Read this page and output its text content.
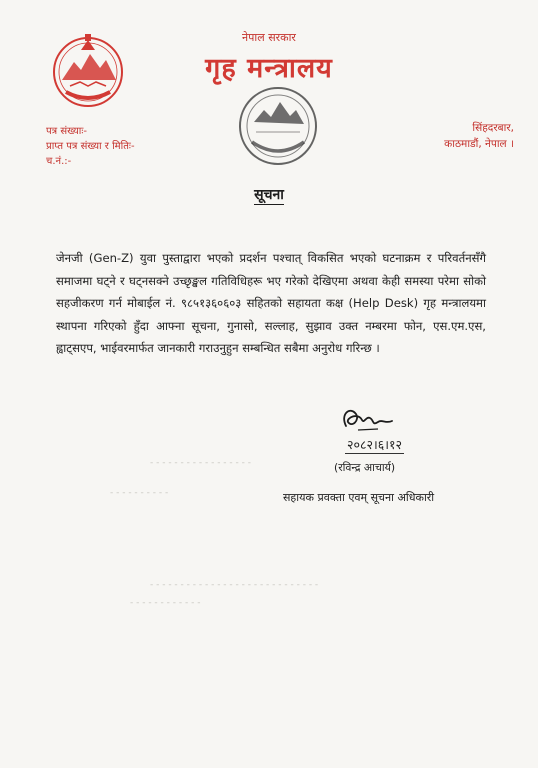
नेपाल सरकार
गृह मन्त्रालय
पत्र संख्याः-
प्राप्त पत्र संख्या र मितिः-
च.नं.:-
सिंहदरबार,
काठमाडौं, नेपाल ।
सूचना
जेनजी (Gen-Z) युवा पुस्ताद्वारा भएको प्रदर्शन पश्चात् विकसित भएको घटनाक्रम र परिवर्तनसँगै समाजमा घट्ने र घट्नसक्ने उच्छृङ्खल गतिविधिहरू भए गरेको देखिएमा अथवा केही समस्या परेमा सोको सहजीकरण गर्न मोबाईल नं. ९८५१३६०६०३ सहितको सहायता कक्ष (Help Desk) गृह मन्त्रालयमा स्थापना गरिएको हुँदा आफ्ना सूचना, गुनासो, सल्लाह, सुझाव उक्त नम्बरमा फोन, एस.एम.एस, ह्वाट्सएप, भाईवरमार्फत जानकारी गराउनुहुन सम्बन्धित सबैमा अनुरोध गरिन्छ ।
- - - - - - - - - - - - - - - - -
- - - - - - - - - -
- - - - - - - - - - - - - - - - - - - - - - - - - - - -
- - - - - - - - - - - -
२०८२।६।१२
(रविन्द्र आचार्य)
सहायक प्रवक्ता एवम् सूचना अधिकारी
